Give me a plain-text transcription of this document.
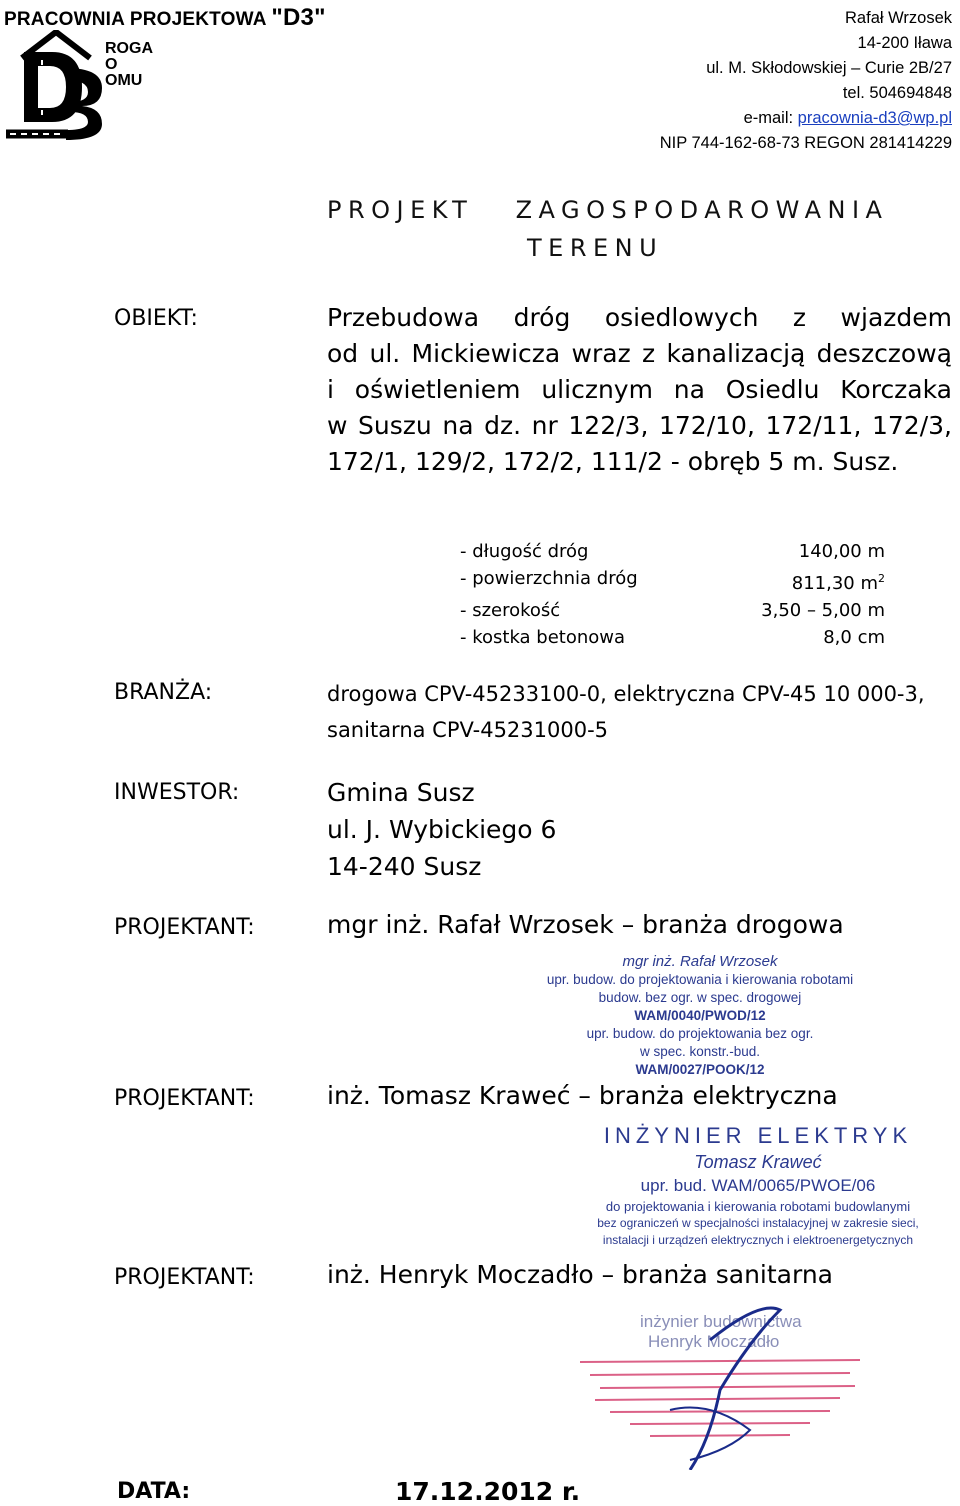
PRACOWNIA PROJEKTOWA "D3"
ROGA
O
OMU
Rafał Wrzosek
14-200 Iława
ul. M. Skłodowskiej – Curie 2B/27
tel. 504694848
e-mail: pracownia-d3@wp.pl
NIP 744-162-68-73 REGON 281414229
PROJEKT ZAGOSPODAROWANIA
TERENU
OBIEKT:	Przebudowa dróg osiedlowych z wjazdem
od ul. Mickiewicza wraz z kanalizacją deszczową
i oświetleniem ulicznym na Osiedlu Korczaka
w Suszu na dz. nr 122/3, 172/10, 172/11, 172/3,
172/1, 129/2, 172/2, 111/2 - obręb 5 m. Susz.
- długość dróg	140,00 m
- powierzchnia dróg	811,30 $m^2$
- szerokość	3,50 – 5,00 m
- kostka betonowa	8,0 cm
BRANŻA:	drogowa CPV-45233100-0, elektryczna CPV-45 10 000-3,
sanitarna CPV-45231000-5
INWESTOR:	Gmina Susz
ul. J. Wybickiego 6
14-240 Susz
PROJEKTANT:	mgr inż. Rafał Wrzosek – branża drogowa
mgr inż. Rafał Wrzosek
upr. budow. do projektowania i kierowania robotami
budow. bez ogr. w spec. drogowej
WAM/0040/PWOD/12
upr. budow. do projektowania bez ogr.
w spec. konstr.-bud.
WAM/0027/POOK/12
PROJEKTANT:	inż. Tomasz Kraweć – branża elektryczna
INŻYNIER ELEKTRYK
Tomasz Kraweć
upr. bud. WAM/0065/PWOE/06
do projektowania i kierowania robotami budowlanymi
bez ograniczeń w specjalności instalacyjnej w zakresie sieci,
instalacji i urządzeń elektrycznych i elektroenergetycznych
PROJEKTANT:	inż. Henryk Moczadło – branża sanitarna
inżynier budownictwa
Henryk Moczadło
DATA:	17.12.2012 r.
